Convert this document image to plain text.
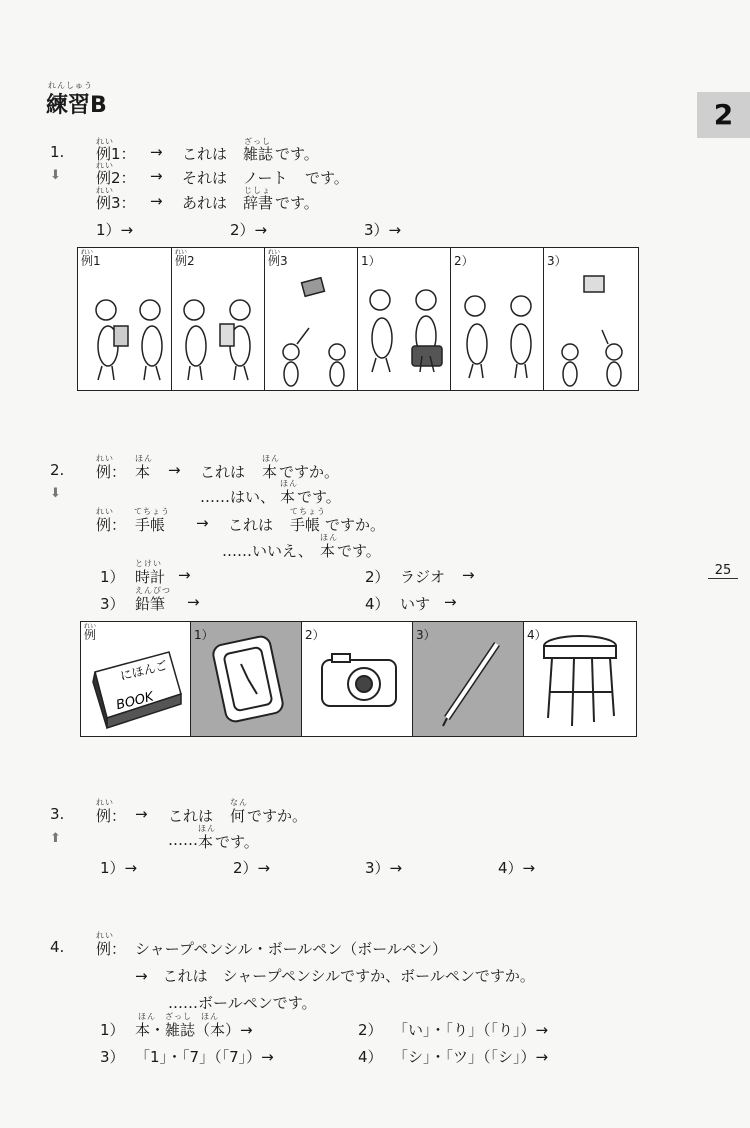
れんしゅう
練習B	2
25
1.
⬇
れい
例1： → これは
ざっし
雑誌 です。
れい
例2： → それは ノート です。
れい
例3： → あれは
じしょ
辞書 です。
1）→	2）→	3）→
れい
例1
れい
例2
れい
例3	1）	2）	3）
2.
⬇
れい
例：
ほん
本 → これは
ほん
本 ですか。
……はい、
ほん
本 です。
れい
例：
てちょう
手帳 → これは
てちょう
手帳 ですか。
……いいえ、
ほん
本 です。
1）
とけい
時計 →	2） ラジオ →
3）
えんぴつ
鉛筆 →	4） いす →
れい
例
にほんご
BOOK
1）	2）	3）	4）
3.
⬆
れい
例： → これは
なん
何 ですか。
……
ほん
本 です。
1）→	2）→	3）→	4）→
4.
れい
例： シャープペンシル・ボールペン（ボールペン）
→　これは　シャープペンシルですか、ボールペンですか。
……ボールペンです。
1）
ほん　ざっし　ほん
本・雑誌（本）→	2） 「い」・「り」（「り」）→
3） 「1」・「7」（「7」）→	4） 「シ」・「ツ」（「シ」）→
